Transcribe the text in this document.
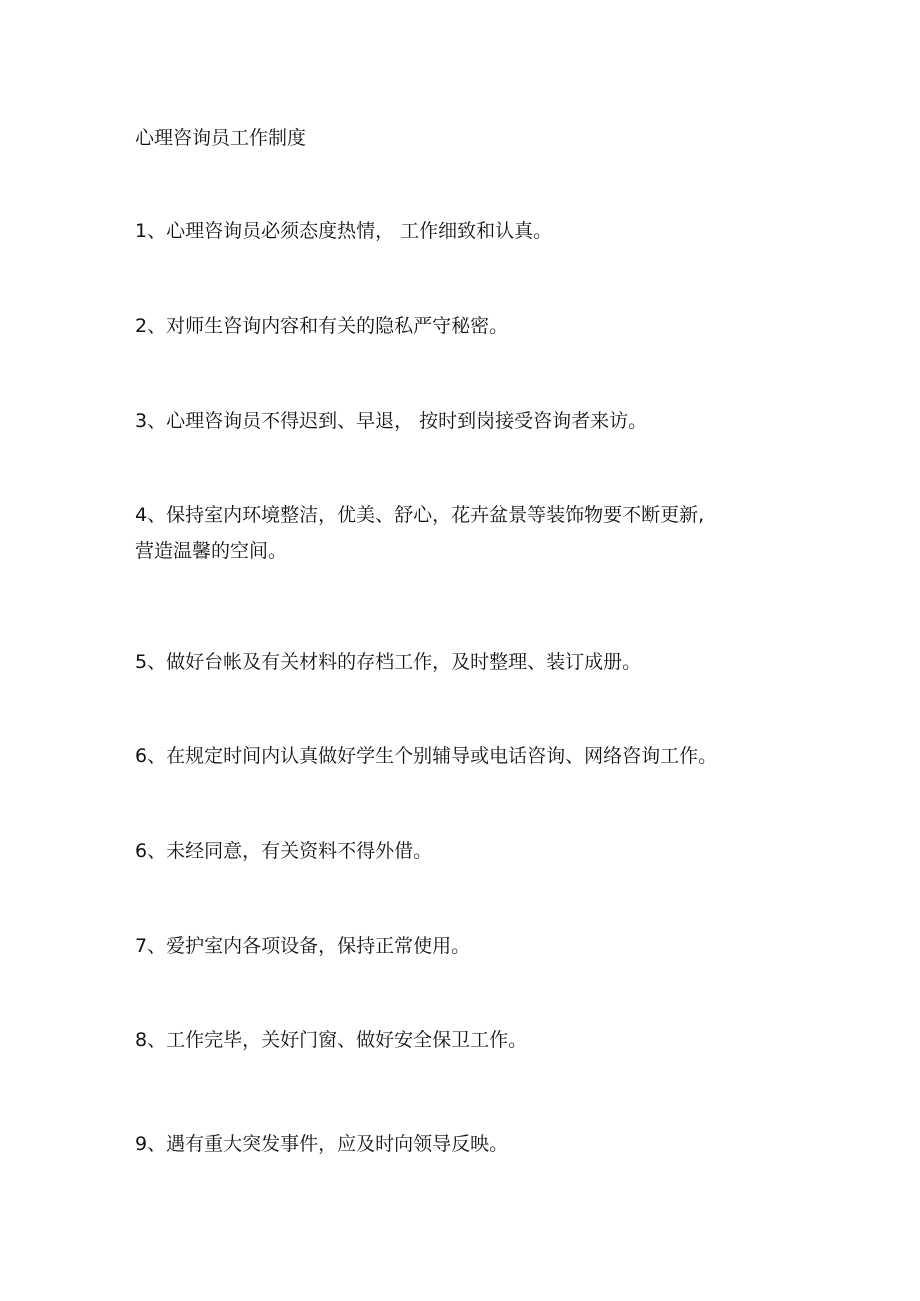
心理咨询员工作制度

1、心理咨询员必须态度热情， 工作细致和认真。

2、对师生咨询内容和有关的隐私严守秘密。

3、心理咨询员不得迟到、早退， 按时到岗接受咨询者来访。

4、保持室内环境整洁，优美、舒心，花卉盆景等装饰物要不断更新,
营造温馨的空间。

5、做好台帐及有关材料的存档工作，及时整理、装订成册。

6、在规定时间内认真做好学生个别辅导或电话咨询、网络咨询工作。

6、未经同意，有关资料不得外借。

7、爱护室内各项设备，保持正常使用。

8、工作完毕，关好门窗、做好安全保卫工作。

9、遇有重大突发事件，应及时向领导反映。
